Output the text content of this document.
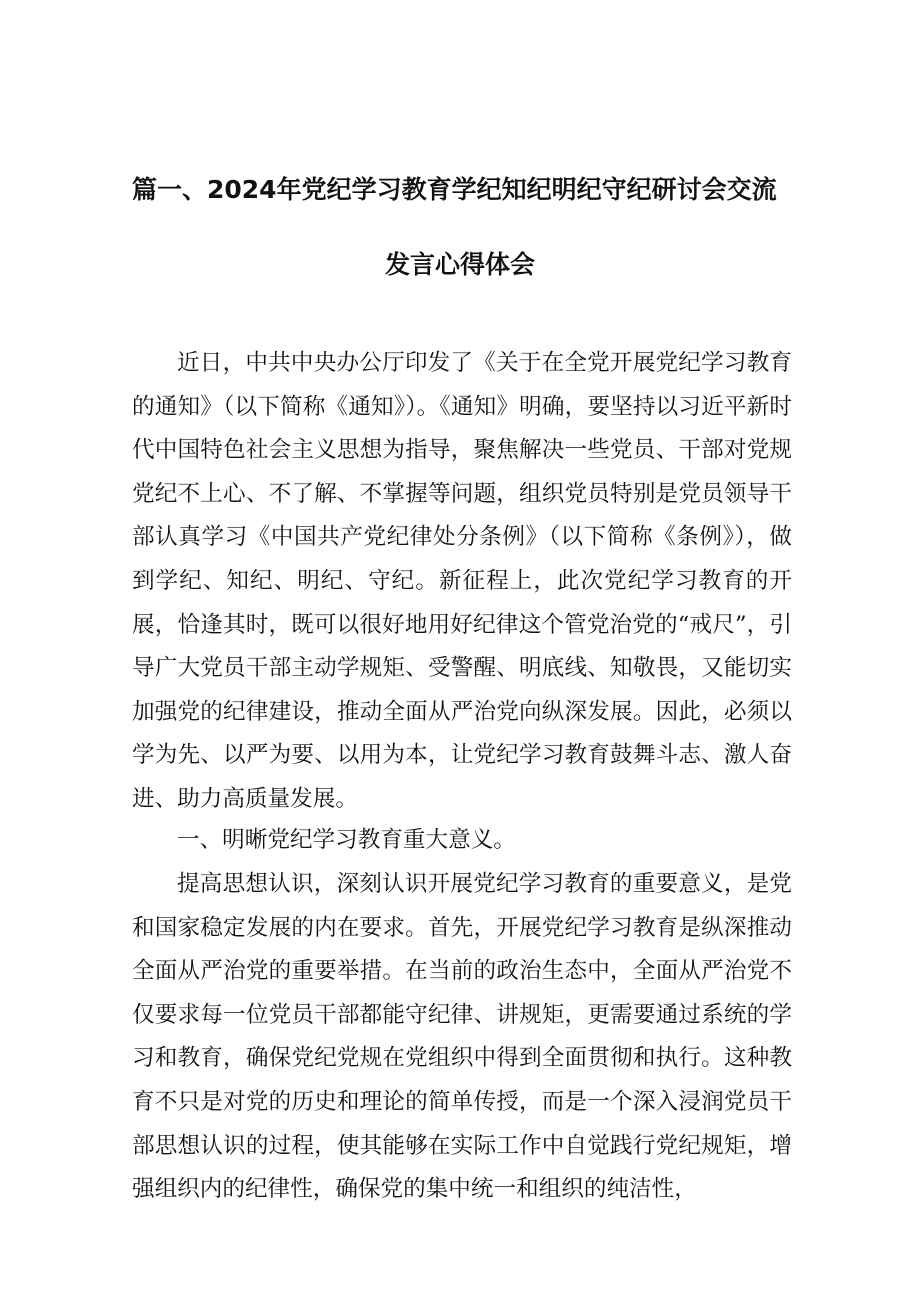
篇一、2024年党纪学习教育学纪知纪明纪守纪研讨会交流
发言心得体会

近日，中共中央办公厅印发了《关于在全党开展党纪学习教育的通知》（以下简称《通知》）。《通知》明确，要坚持以习近平新时代中国特色社会主义思想为指导，聚焦解决一些党员、干部对党规党纪不上心、不了解、不掌握等问题，组织党员特别是党员领导干部认真学习《中国共产党纪律处分条例》（以下简称《条例》），做到学纪、知纪、明纪、守纪。新征程上，此次党纪学习教育的开展，恰逢其时，既可以很好地用好纪律这个管党治党的“戒尺”，引导广大党员干部主动学规矩、受警醒、明底线、知敬畏，又能切实加强党的纪律建设，推动全面从严治党向纵深发展。因此，必须以学为先、以严为要、以用为本，让党纪学习教育鼓舞斗志、激人奋进、助力高质量发展。

一、明晰党纪学习教育重大意义。

提高思想认识，深刻认识开展党纪学习教育的重要意义，是党和国家稳定发展的内在要求。首先，开展党纪学习教育是纵深推动全面从严治党的重要举措。在当前的政治生态中，全面从严治党不仅要求每一位党员干部都能守纪律、讲规矩，更需要通过系统的学习和教育，确保党纪党规在党组织中得到全面贯彻和执行。这种教育不只是对党的历史和理论的简单传授，而是一个深入浸润党员干部思想认识的过程，使其能够在实际工作中自觉践行党纪规矩，增强组织内的纪律性，确保党的集中统一和组织的纯洁性，
